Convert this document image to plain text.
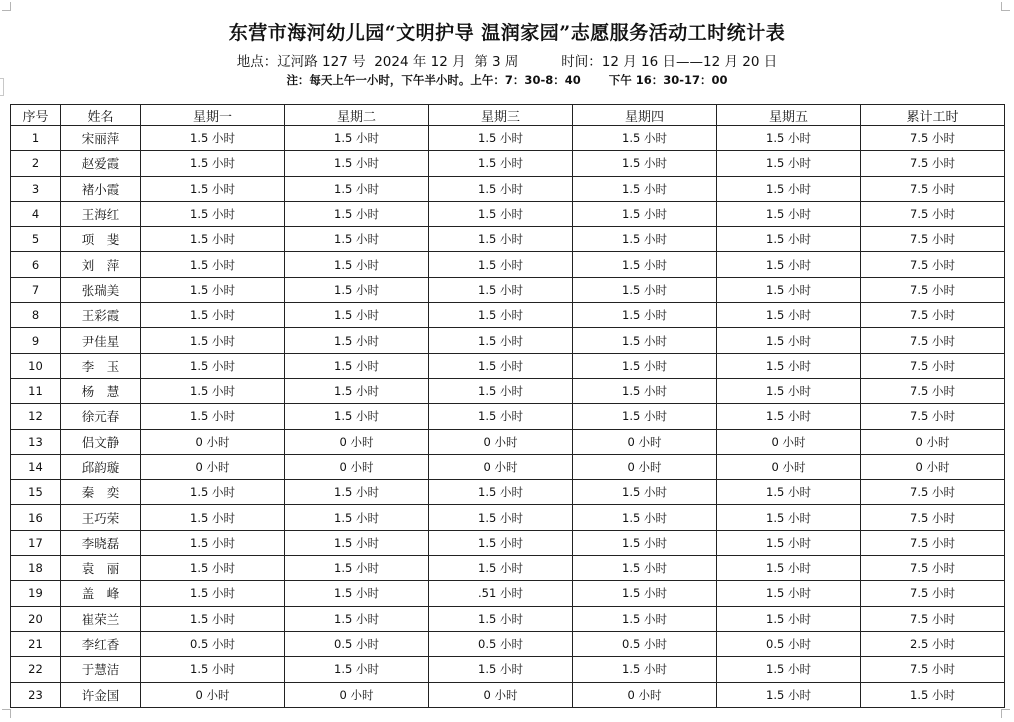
东营市海河幼儿园“文明护导 温润家园”志愿服务活动工时统计表
地点：辽河路 127 号  2024 年 12 月  第 3 周          时间：12 月 16 日——12 月 20 日
注：每天上午一小时，下午半小时。上午：7：30-8：40       下午 16：30-17：00
序号	姓名	星期一	星期二	星期三	星期四	星期五	累计工时
1	宋丽萍	1.5 小时	1.5 小时	1.5 小时	1.5 小时	1.5 小时	7.5 小时
2	赵爱霞	1.5 小时	1.5 小时	1.5 小时	1.5 小时	1.5 小时	7.5 小时
3	褚小霞	1.5 小时	1.5 小时	1.5 小时	1.5 小时	1.5 小时	7.5 小时
4	王海红	1.5 小时	1.5 小时	1.5 小时	1.5 小时	1.5 小时	7.5 小时
5	项　斐	1.5 小时	1.5 小时	1.5 小时	1.5 小时	1.5 小时	7.5 小时
6	刘　萍	1.5 小时	1.5 小时	1.5 小时	1.5 小时	1.5 小时	7.5 小时
7	张瑞美	1.5 小时	1.5 小时	1.5 小时	1.5 小时	1.5 小时	7.5 小时
8	王彩霞	1.5 小时	1.5 小时	1.5 小时	1.5 小时	1.5 小时	7.5 小时
9	尹佳星	1.5 小时	1.5 小时	1.5 小时	1.5 小时	1.5 小时	7.5 小时
10	李　玉	1.5 小时	1.5 小时	1.5 小时	1.5 小时	1.5 小时	7.5 小时
11	杨　慧	1.5 小时	1.5 小时	1.5 小时	1.5 小时	1.5 小时	7.5 小时
12	徐元春	1.5 小时	1.5 小时	1.5 小时	1.5 小时	1.5 小时	7.5 小时
13	侣文静	0 小时	0 小时	0 小时	0 小时	0 小时	0 小时
14	邱韵璇	0 小时	0 小时	0 小时	0 小时	0 小时	0 小时
15	秦　奕	1.5 小时	1.5 小时	1.5 小时	1.5 小时	1.5 小时	7.5 小时
16	王巧荣	1.5 小时	1.5 小时	1.5 小时	1.5 小时	1.5 小时	7.5 小时
17	李晓磊	1.5 小时	1.5 小时	1.5 小时	1.5 小时	1.5 小时	7.5 小时
18	袁　丽	1.5 小时	1.5 小时	1.5 小时	1.5 小时	1.5 小时	7.5 小时
19	盖　峰	1.5 小时	1.5 小时	.51 小时	1.5 小时	1.5 小时	7.5 小时
20	崔荣兰	1.5 小时	1.5 小时	1.5 小时	1.5 小时	1.5 小时	7.5 小时
21	李红香	0.5 小时	0.5 小时	0.5 小时	0.5 小时	0.5 小时	2.5 小时
22	于慧洁	1.5 小时	1.5 小时	1.5 小时	1.5 小时	1.5 小时	7.5 小时
23	许金国	0 小时	0 小时	0 小时	0 小时	1.5 小时	1.5 小时
